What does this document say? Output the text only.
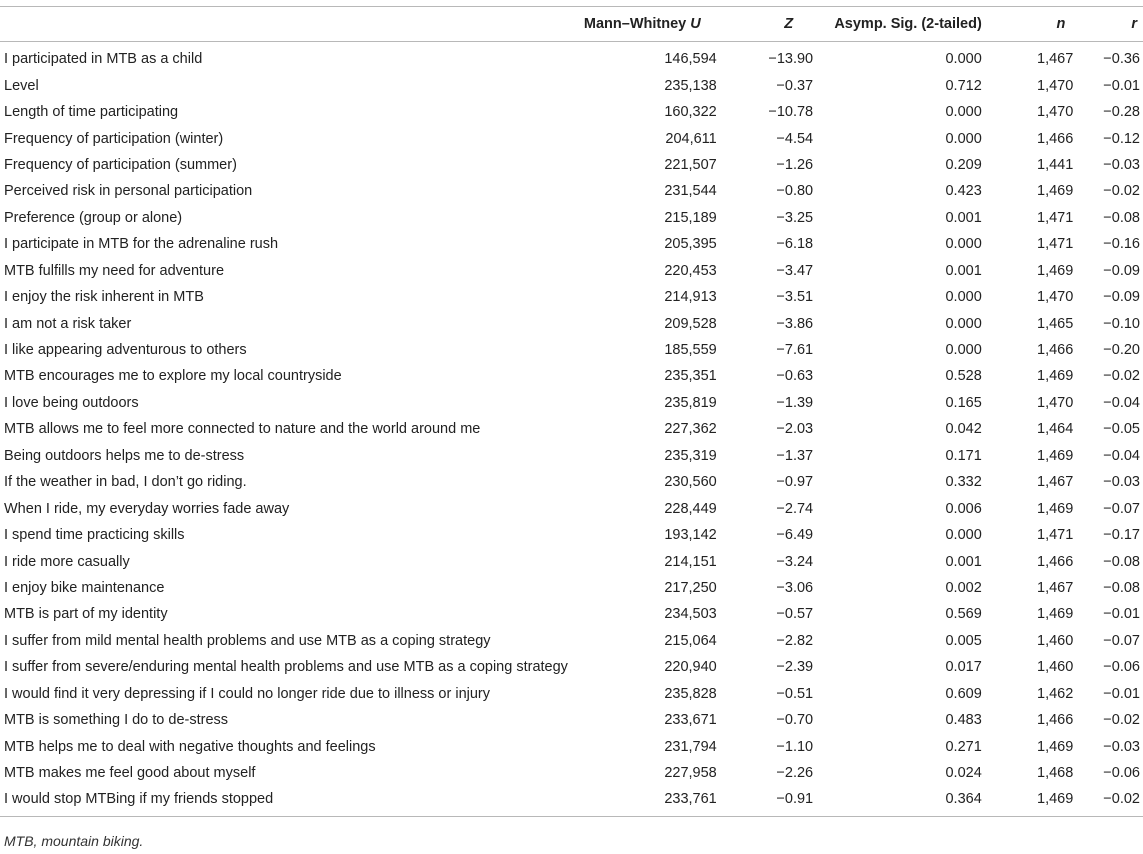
	Mann–Whitney U	Z	Asymp. Sig. (2-tailed)	n	r
I participated in MTB as a child	146,594	−13.90	0.000	1,467	−0.36
Level	235,138	−0.37	0.712	1,470	−0.01
Length of time participating	160,322	−10.78	0.000	1,470	−0.28
Frequency of participation (winter)	204,611	−4.54	0.000	1,466	−0.12
Frequency of participation (summer)	221,507	−1.26	0.209	1,441	−0.03
Perceived risk in personal participation	231,544	−0.80	0.423	1,469	−0.02
Preference (group or alone)	215,189	−3.25	0.001	1,471	−0.08
I participate in MTB for the adrenaline rush	205,395	−6.18	0.000	1,471	−0.16
MTB fulfills my need for adventure	220,453	−3.47	0.001	1,469	−0.09
I enjoy the risk inherent in MTB	214,913	−3.51	0.000	1,470	−0.09
I am not a risk taker	209,528	−3.86	0.000	1,465	−0.10
I like appearing adventurous to others	185,559	−7.61	0.000	1,466	−0.20
MTB encourages me to explore my local countryside	235,351	−0.63	0.528	1,469	−0.02
I love being outdoors	235,819	−1.39	0.165	1,470	−0.04
MTB allows me to feel more connected to nature and the world around me	227,362	−2.03	0.042	1,464	−0.05
Being outdoors helps me to de-stress	235,319	−1.37	0.171	1,469	−0.04
If the weather in bad, I don’t go riding.	230,560	−0.97	0.332	1,467	−0.03
When I ride, my everyday worries fade away	228,449	−2.74	0.006	1,469	−0.07
I spend time practicing skills	193,142	−6.49	0.000	1,471	−0.17
I ride more casually	214,151	−3.24	0.001	1,466	−0.08
I enjoy bike maintenance	217,250	−3.06	0.002	1,467	−0.08
MTB is part of my identity	234,503	−0.57	0.569	1,469	−0.01
I suffer from mild mental health problems and use MTB as a coping strategy	215,064	−2.82	0.005	1,460	−0.07
I suffer from severe/enduring mental health problems and use MTB as a coping strategy	220,940	−2.39	0.017	1,460	−0.06
I would find it very depressing if I could no longer ride due to illness or injury	235,828	−0.51	0.609	1,462	−0.01
MTB is something I do to de-stress	233,671	−0.70	0.483	1,466	−0.02
MTB helps me to deal with negative thoughts and feelings	231,794	−1.10	0.271	1,469	−0.03
MTB makes me feel good about myself	227,958	−2.26	0.024	1,468	−0.06
I would stop MTBing if my friends stopped	233,761	−0.91	0.364	1,469	−0.02
MTB, mountain biking.
